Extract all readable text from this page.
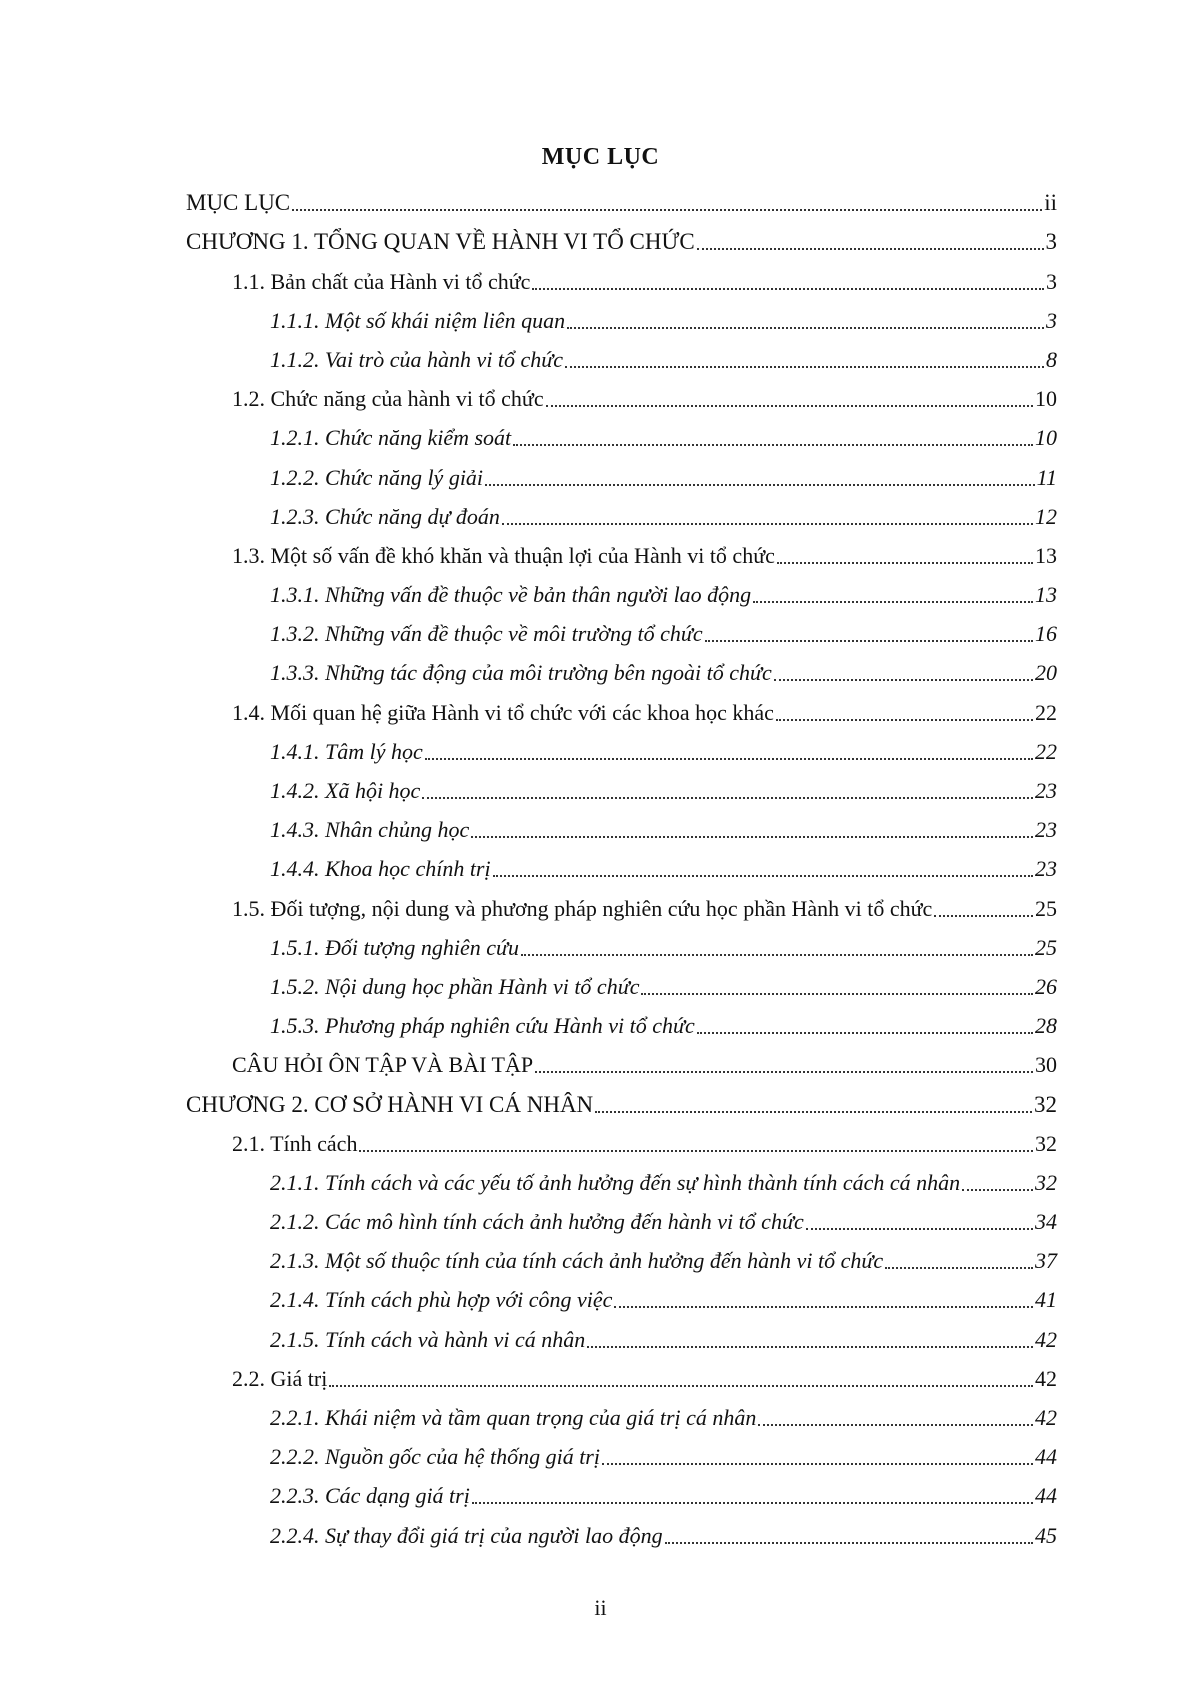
MỤC LỤC
MỤC LỤC	ii
CHƯƠNG 1. TỔNG QUAN VỀ HÀNH VI TỔ CHỨC	3
1.1. Bản chất của Hành vi tổ chức	3
1.1.1. Một số khái niệm liên quan	3
1.1.2. Vai trò của hành vi tổ chức	8
1.2. Chức năng của hành vi tổ chức	10
1.2.1. Chức năng kiểm soát	10
1.2.2. Chức năng lý giải	11
1.2.3. Chức năng dự đoán	12
1.3. Một số vấn đề khó khăn và thuận lợi của Hành vi tổ chức	13
1.3.1. Những vấn đề thuộc về bản thân người lao động	13
1.3.2. Những vấn đề thuộc về môi trường tổ chức	16
1.3.3. Những tác động của môi trường bên ngoài tổ chức	20
1.4. Mối quan hệ giữa Hành vi tổ chức với các khoa học khác	22
1.4.1. Tâm lý học	22
1.4.2. Xã hội học	23
1.4.3. Nhân chủng học	23
1.4.4. Khoa học chính trị	23
1.5. Đối tượng, nội dung và phương pháp nghiên cứu học phần Hành vi tổ chức	25
1.5.1. Đối tượng nghiên cứu	25
1.5.2. Nội dung học phần Hành vi tổ chức	26
1.5.3. Phương pháp nghiên cứu Hành vi tổ chức	28
CÂU HỎI ÔN TẬP VÀ BÀI TẬP	30
CHƯƠNG 2. CƠ SỞ HÀNH VI CÁ NHÂN	32
2.1. Tính cách	32
2.1.1. Tính cách và các yếu tố ảnh hưởng đến sự hình thành tính cách cá nhân	32
2.1.2. Các mô hình tính cách ảnh hưởng đến hành vi tổ chức	34
2.1.3. Một số thuộc tính của tính cách ảnh hưởng đến hành vi tổ chức	37
2.1.4. Tính cách phù hợp với công việc	41
2.1.5. Tính cách và hành vi cá nhân	42
2.2. Giá trị	42
2.2.1. Khái niệm và tầm quan trọng của giá trị cá nhân	42
2.2.2. Nguồn gốc của hệ thống giá trị	44
2.2.3. Các dạng giá trị	44
2.2.4. Sự thay đổi giá trị của người lao động	45
ii
